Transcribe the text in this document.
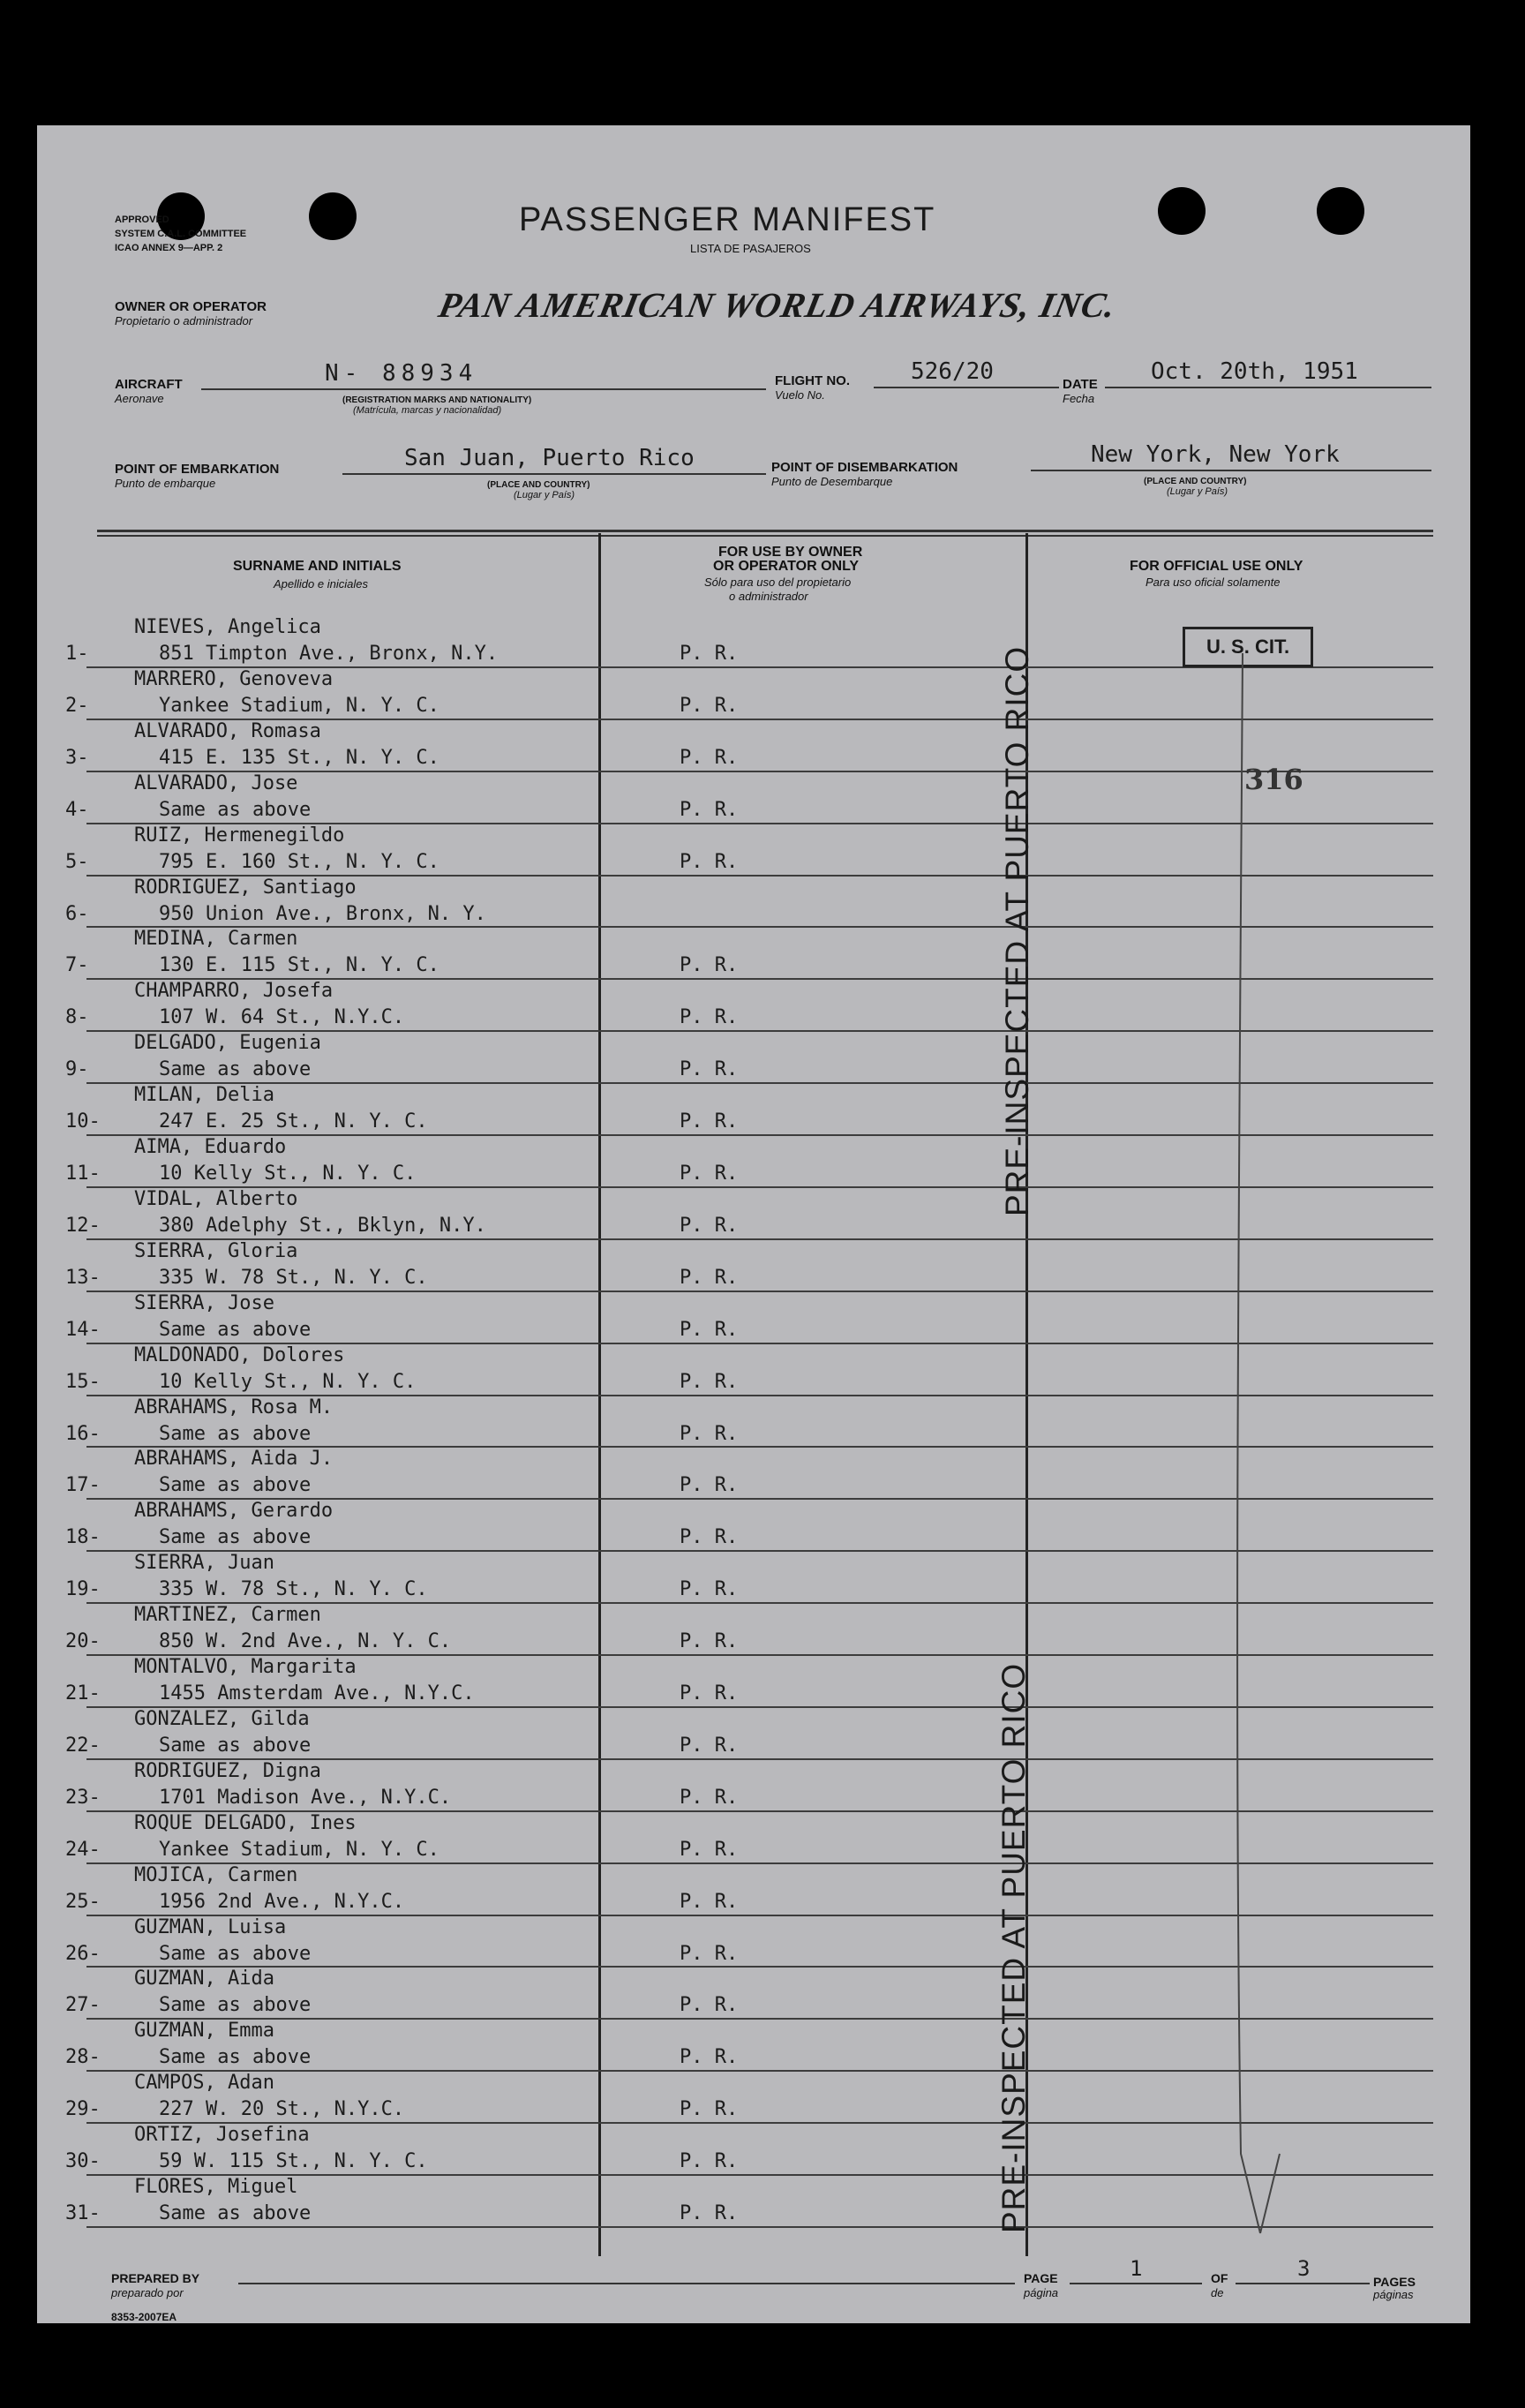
APPROVED
SYSTEM C.A.L. COMMITTEE
ICAO ANNEX 9—APP. 2
PASSENGER MANIFEST
LISTA DE PASAJEROS
OWNER OR OPERATOR
Propietario o administrador	PAN AMERICAN WORLD AIRWAYS, INC.
AIRCRAFT
Aeronave
N- 88934
(REGISTRATION MARKS AND NATIONALITY)
(Matrícula, marcas y nacionalidad)
FLIGHT NO.
Vuelo No.
526/20	DATE
Fecha
Oct. 20th, 1951
POINT OF EMBARKATION
Punto de embarque
San Juan, Puerto Rico
(PLACE AND COUNTRY)
(Lugar y País)
POINT OF DISEMBARKATION
Punto de Desembarque
New York, New York
(PLACE AND COUNTRY)
(Lugar y País)
SURNAME AND INITIALS
Apellido e iniciales
FOR USE BY OWNER
OR OPERATOR ONLY
Sólo para uso del propietario
o administrador
FOR OFFICIAL USE ONLY
Para uso oficial solamente
1-
NIEVES, Angelica
851 Timpton Ave., Bronx, N.Y.	P. R.
2-
MARRERO, Genoveva
Yankee Stadium, N. Y. C.	P. R.
3-
ALVARADO, Romasa
415 E. 135 St., N. Y. C.	P. R.
4-
ALVARADO, Jose
Same as above	P. R.
5-
RUIZ, Hermenegildo
795 E. 160 St., N. Y. C.	P. R.
6-
RODRIGUEZ, Santiago
950 Union Ave., Bronx, N. Y.
7-
MEDINA, Carmen
130 E. 115 St., N. Y. C.	P. R.
8-
CHAMPARRO, Josefa
107 W. 64 St., N.Y.C.	P. R.
9-
DELGADO, Eugenia
Same as above	P. R.
10-
MILAN, Delia
247 E. 25 St., N. Y. C.	P. R.
11-
AIMA, Eduardo
10 Kelly St., N. Y. C.	P. R.
12-
VIDAL, Alberto
380 Adelphy St., Bklyn, N.Y.	P. R.
13-
SIERRA, Gloria
335 W. 78 St., N. Y. C.	P. R.
14-
SIERRA, Jose
Same as above	P. R.
15-
MALDONADO, Dolores
10 Kelly St., N. Y. C.	P. R.
16-
ABRAHAMS, Rosa M.
Same as above	P. R.
17-
ABRAHAMS, Aida J.
Same as above	P. R.
18-
ABRAHAMS, Gerardo
Same as above	P. R.
19-
SIERRA, Juan
335 W. 78 St., N. Y. C.	P. R.
20-
MARTINEZ, Carmen
850 W. 2nd Ave., N. Y. C.	P. R.
21-
MONTALVO, Margarita
1455 Amsterdam Ave., N.Y.C.	P. R.
22-
GONZALEZ, Gilda
Same as above	P. R.
23-
RODRIGUEZ, Digna
1701 Madison Ave., N.Y.C.	P. R.
24-
ROQUE DELGADO, Ines
Yankee Stadium, N. Y. C.	P. R.
25-
MOJICA, Carmen
1956 2nd Ave., N.Y.C.	P. R.
26-
GUZMAN, Luisa
Same as above	P. R.
27-
GUZMAN, Aida
Same as above	P. R.
28-
GUZMAN, Emma
Same as above	P. R.
29-
CAMPOS, Adan
227 W. 20 St., N.Y.C.	P. R.
30-
ORTIZ, Josefina
59 W. 115 St., N. Y. C.	P. R.
31-
FLORES, Miguel
Same as above	P. R.
PRE-INSPECTED AT PUERTO RICO
PRE-INSPECTED AT PUERTO RICO
U. S. CIT.
316
PREPARED BY
preparado por
PAGE
página
1	OF
de
3
PAGES
páginas
8353-2007EA
